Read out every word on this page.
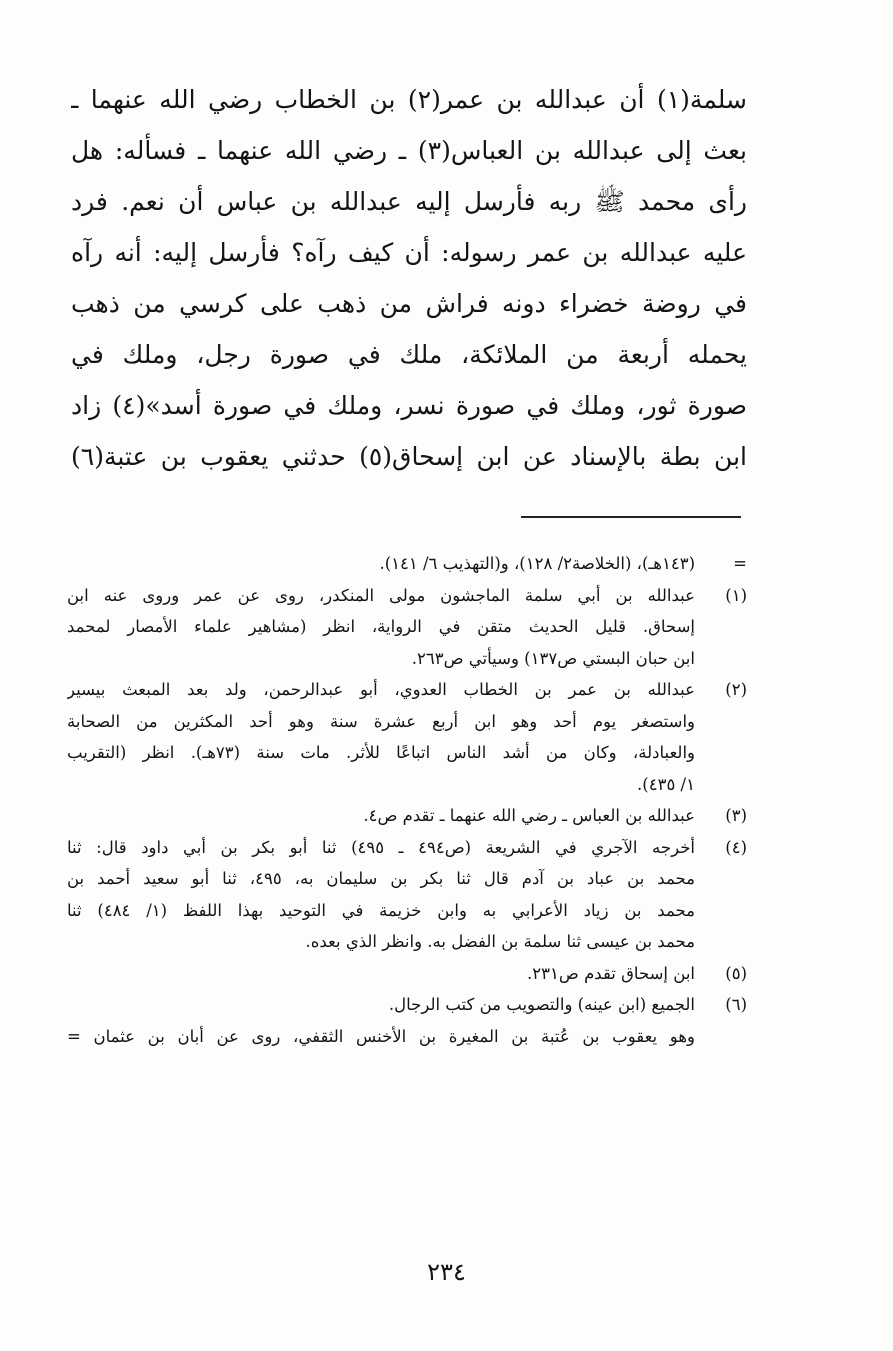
سلمة(١) أن عبدالله بن عمر(٢) بن الخطاب رضي الله عنهما ـ
بعث إلى عبدالله بن العباس(٣) ـ رضي الله عنهما ـ فسأله: هل
رأى محمد ﷺ ربه فأرسل إليه عبدالله بن عباس أن نعم. فرد
عليه عبدالله بن عمر رسوله: أن كيف رآه؟ فأرسل إليه: أنه رآه
في روضة خضراء دونه فراش من ذهب على كرسي من ذهب
يحمله أربعة من الملائكة، ملك في صورة رجل، وملك في
صورة ثور، وملك في صورة نسر، وملك في صورة أسد»(٤) زاد
ابن بطة بالإسناد عن ابن إسحاق(٥) حدثني يعقوب بن عتبة(٦)
=
(١٤٣هـ)، (الخلاصة٢/ ١٢٨)، و(التهذيب ٦/ ١٤١).
(١)
عبدالله بن أبي سلمة الماجشون مولى المنكدر، روى عن عمر وروى عنه ابن
إسحاق. قليل الحديث متقن في الرواية، انظر (مشاهير علماء الأمصار لمحمد
ابن حبان البستي ص١٣٧) وسيأتي ص٢٦٣.
(٢)
عبدالله بن عمر بن الخطاب العدوي، أبو عبدالرحمن، ولد بعد المبعث بيسير
واستصغر يوم أحد وهو ابن أربع عشرة سنة وهو أحد المكثرين من الصحابة
والعبادلة، وكان من أشد الناس اتباعًا للأثر. مات سنة (٧٣هـ). انظر (التقريب
١/ ٤٣٥).
(٣)
عبدالله بن العباس ـ رضي الله عنهما ـ تقدم ص٤.
(٤)
أخرجه الآجري في الشريعة (ص٤٩٤ ـ ٤٩٥) ثنا أبو بكر بن أبي داود قال: ثنا
محمد بن عباد بن آدم قال ثنا بكر بن سليمان به، ٤٩٥، ثنا أبو سعيد أحمد بن
محمد بن زياد الأعرابي به وابن خزيمة في التوحيد بهذا اللفظ (١/ ٤٨٤) ثنا
محمد بن عيسى ثنا سلمة بن الفضل به. وانظر الذي بعده.
(٥)
ابن إسحاق تقدم ص٢٣١.
(٦)
الجميع (ابن عينه) والتصويب من كتب الرجال.
وهو يعقوب بن عُتبة بن المغيرة بن الأخنس الثقفي، روى عن أبان بن عثمان =
٢٣٤
